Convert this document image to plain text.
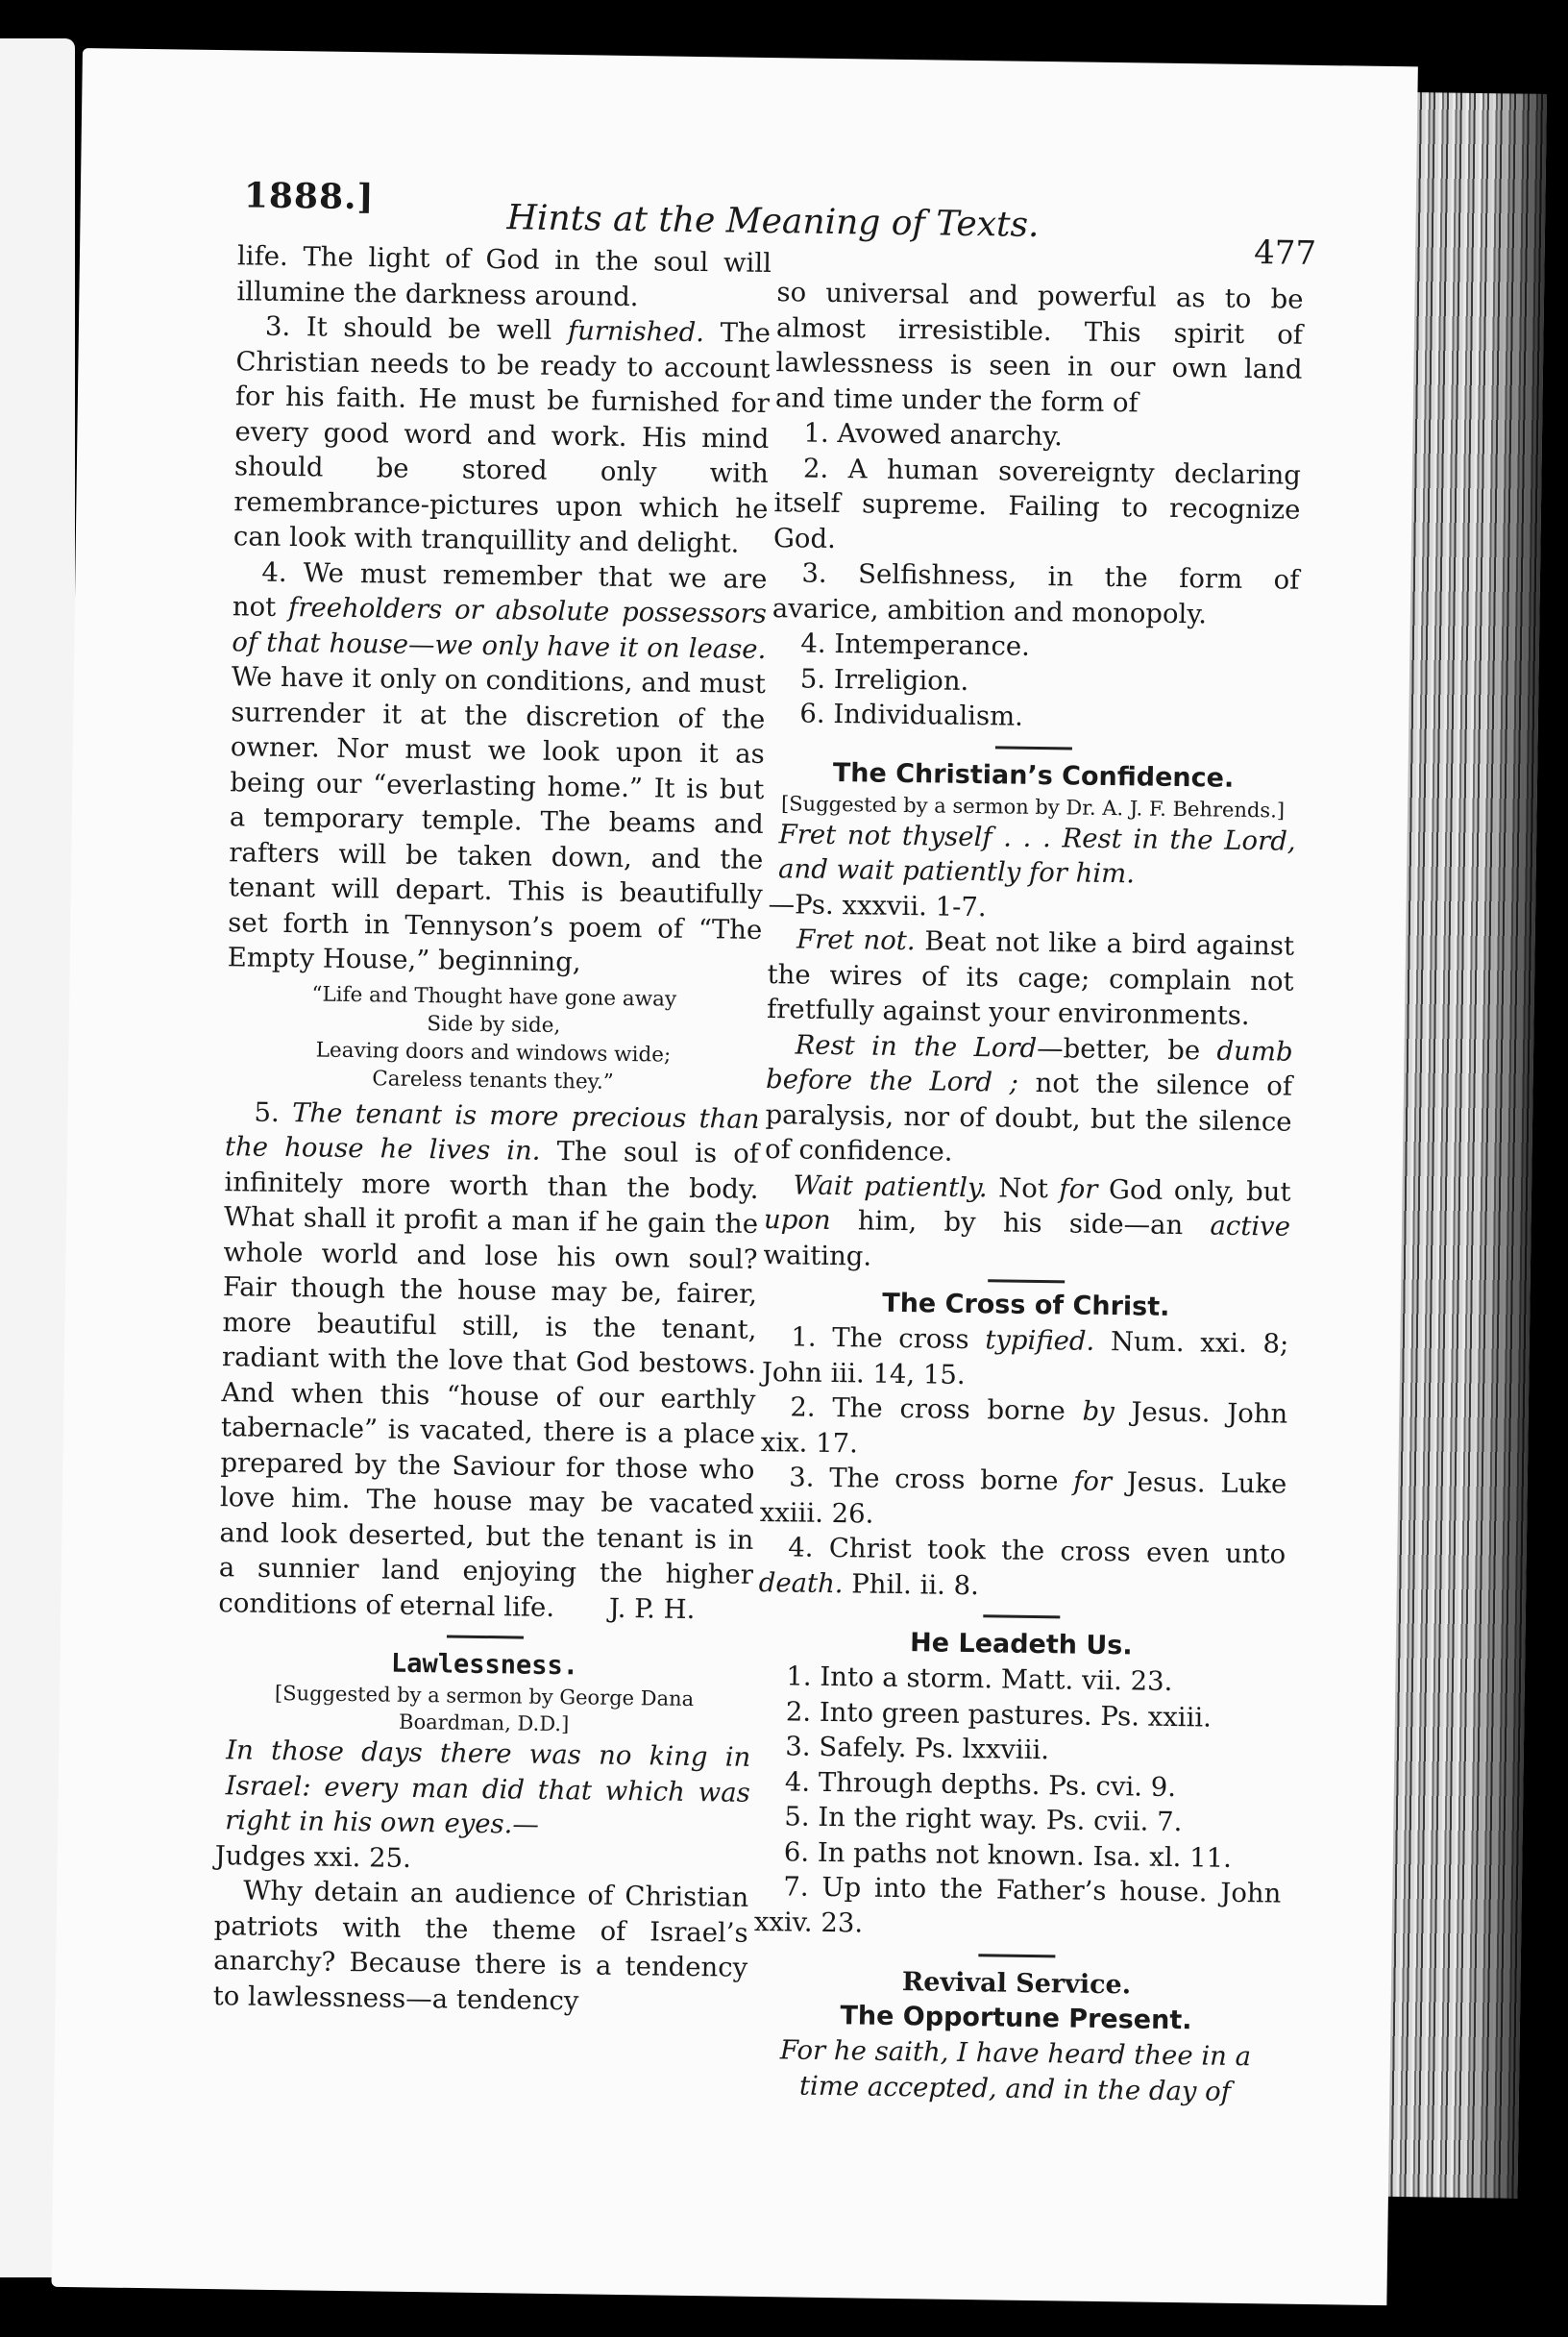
1888.]
Hints at the Meaning of Texts.
477

life. The light of God in the soul will illumine the darkness around.

3. It should be well furnished. The Christian needs to be ready to account for his faith. He must be furnished for every good word and work. His mind should be stored only with remembrance-pictures upon which he can look with tranquillity and delight.

4. We must remember that we are not freeholders or absolute possessors of that house—we only have it on lease. We have it only on conditions, and must surrender it at the discretion of the owner. Nor must we look upon it as being our “everlasting home.” It is but a temporary temple. The beams and rafters will be taken down, and the tenant will depart. This is beautifully set forth in Tennyson’s poem of “The Empty House,” beginning,

“Life and Thought have gone away
Side by side,
Leaving doors and windows wide;
Careless tenants they.”

5. The tenant is more precious than the house he lives in. The soul is of infinitely more worth than the body. What shall it profit a man if he gain the whole world and lose his own soul? Fair though the house may be, fairer, more beautiful still, is the tenant, radiant with the love that God bestows. And when this “house of our earthly tabernacle” is vacated, there is a place prepared by the Saviour for those who love him. The house may be vacated and look deserted, but the tenant is in a sunnier land enjoying the higher conditions of eternal life.	J. P. H.

Lawlessness.
[Suggested by a sermon by George Dana Boardman, D.D.]

In those days there was no king in Israel: every man did that which was right in his own eyes.—

Judges xxi. 25.

Why detain an audience of Christian patriots with the theme of Israel’s anarchy? Because there is a tendency to lawlessness—a tendency

so universal and powerful as to be almost irresistible. This spirit of lawlessness is seen in our own land and time under the form of

1. Avowed anarchy.

2. A human sovereignty declaring itself supreme. Failing to recognize God.

3. Selfishness, in the form of avarice, ambition and monopoly.

4. Intemperance.

5. Irreligion.

6. Individualism.

The Christian’s Confidence.
[Suggested by a sermon by Dr. A. J. F. Behrends.]

Fret not thyself . . . Rest in the Lord, and wait patiently for him.

—Ps. xxxvii. 1-7.

Fret not. Beat not like a bird against the wires of its cage; complain not fretfully against your environments.

Rest in the Lord—better, be dumb before the Lord ; not the silence of paralysis, nor of doubt, but the silence of confidence.

Wait patiently. Not for God only, but upon him, by his side—an active waiting.

The Cross of Christ.

1. The cross typified. Num. xxi. 8; John iii. 14, 15.

2. The cross borne by Jesus. John xix. 17.

3. The cross borne for Jesus. Luke xxiii. 26.

4. Christ took the cross even unto death. Phil. ii. 8.

He Leadeth Us.

1. Into a storm. Matt. vii. 23.

2. Into green pastures. Ps. xxiii.

3. Safely. Ps. lxxviii.

4. Through depths. Ps. cvi. 9.

5. In the right way. Ps. cvii. 7.

6. In paths not known. Isa. xl. 11.

7. Up into the Father’s house. John xxiv. 23.

Revival Service.
The Opportune Present.

For he saith, I have heard thee in a time accepted, and in the day of
